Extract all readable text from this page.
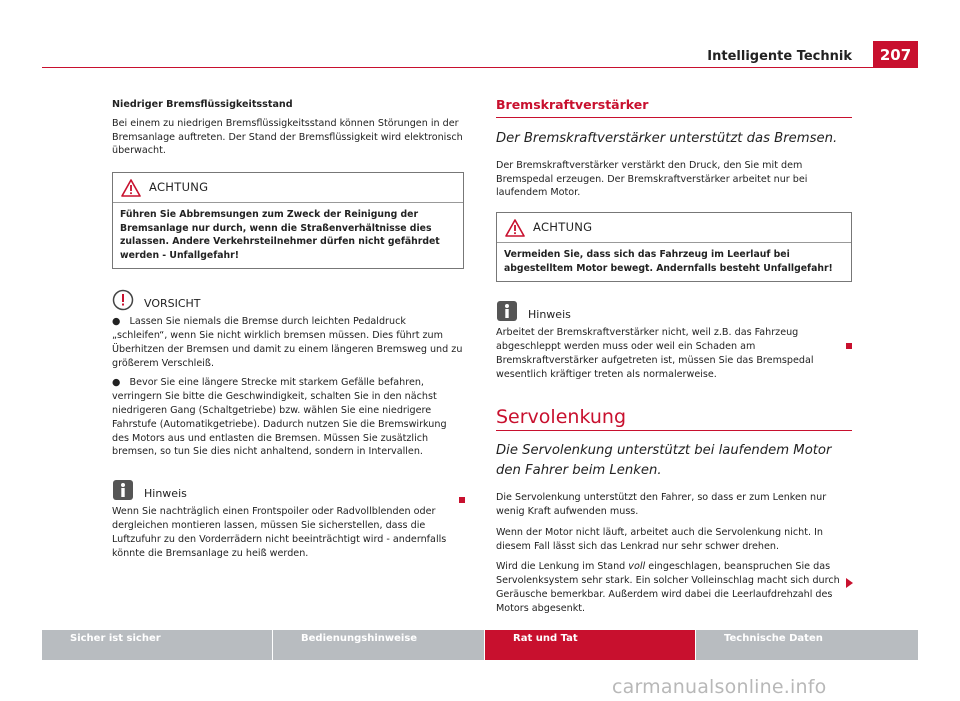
Intelligente Technik	207
Niedriger Bremsflüssigkeitsstand

Bei einem zu niedrigen Bremsflüssigkeitsstand können Störungen in der Bremsanlage auftreten. Der Stand der Bremsflüssigkeit wird elektronisch überwacht.

ACHTUNG
Führen Sie Abbremsungen zum Zweck der Reinigung der Bremsanlage nur durch, wenn die Straßenverhältnisse dies zulassen. Andere Verkehrsteilnehmer dürfen nicht gefährdet werden - Unfallgefahr!
VORSICHT

●   Lassen Sie niemals die Bremse durch leichten Pedaldruck „schleifen“, wenn Sie nicht wirklich bremsen müssen. Dies führt zum Überhitzen der Bremsen und damit zu einem längeren Bremsweg und zu größerem Verschleiß.

●   Bevor Sie eine längere Strecke mit starkem Gefälle befahren, verringern Sie bitte die Geschwindigkeit, schalten Sie in den nächst niedrigeren Gang (Schaltgetriebe) bzw. wählen Sie eine niedrigere Fahrstufe (Automatikgetriebe). Dadurch nutzen Sie die Bremswirkung des Motors aus und entlasten die Bremsen. Müssen Sie zusätzlich bremsen, so tun Sie dies nicht anhaltend, sondern in Intervallen.

Hinweis

Wenn Sie nachträglich einen Frontspoiler oder Radvollblenden oder dergleichen montieren lassen, müssen Sie sicherstellen, dass die Luftzufuhr zu den Vorderrädern nicht beeinträchtigt wird - andernfalls könnte die Bremsanlage zu heiß werden.

Bremskraftverstärker
Der Bremskraftverstärker unterstützt das Bremsen.

Der Bremskraftverstärker verstärkt den Druck, den Sie mit dem Bremspedal erzeugen. Der Bremskraftverstärker arbeitet nur bei laufendem Motor.

ACHTUNG
Vermeiden Sie, dass sich das Fahrzeug im Leerlauf bei abgestelltem Motor bewegt. Andernfalls besteht Unfallgefahr!
Hinweis

Arbeitet der Bremskraftverstärker nicht, weil z.B. das Fahrzeug abgeschleppt werden muss oder weil ein Schaden am Bremskraftverstärker aufgetreten ist, müssen Sie das Bremspedal wesentlich kräftiger treten als normalerweise.

Servolenkung
Die Servolenkung unterstützt bei laufendem Motor den Fahrer beim Lenken.

Die Servolenkung unterstützt den Fahrer, so dass er zum Lenken nur wenig Kraft aufwenden muss.

Wenn der Motor nicht läuft, arbeitet auch die Servolenkung nicht. In diesem Fall lässt sich das Lenkrad nur sehr schwer drehen.

Wird die Lenkung im Stand voll eingeschlagen, beanspruchen Sie das Servolenksystem sehr stark. Ein solcher Volleinschlag macht sich durch Geräusche bemerkbar. Außerdem wird dabei die Leerlaufdrehzahl des Motors abgesenkt.

Sicher ist sicher	Bedienungshinweise	Rat und Tat	Technische Daten
carmanualsonline.info
